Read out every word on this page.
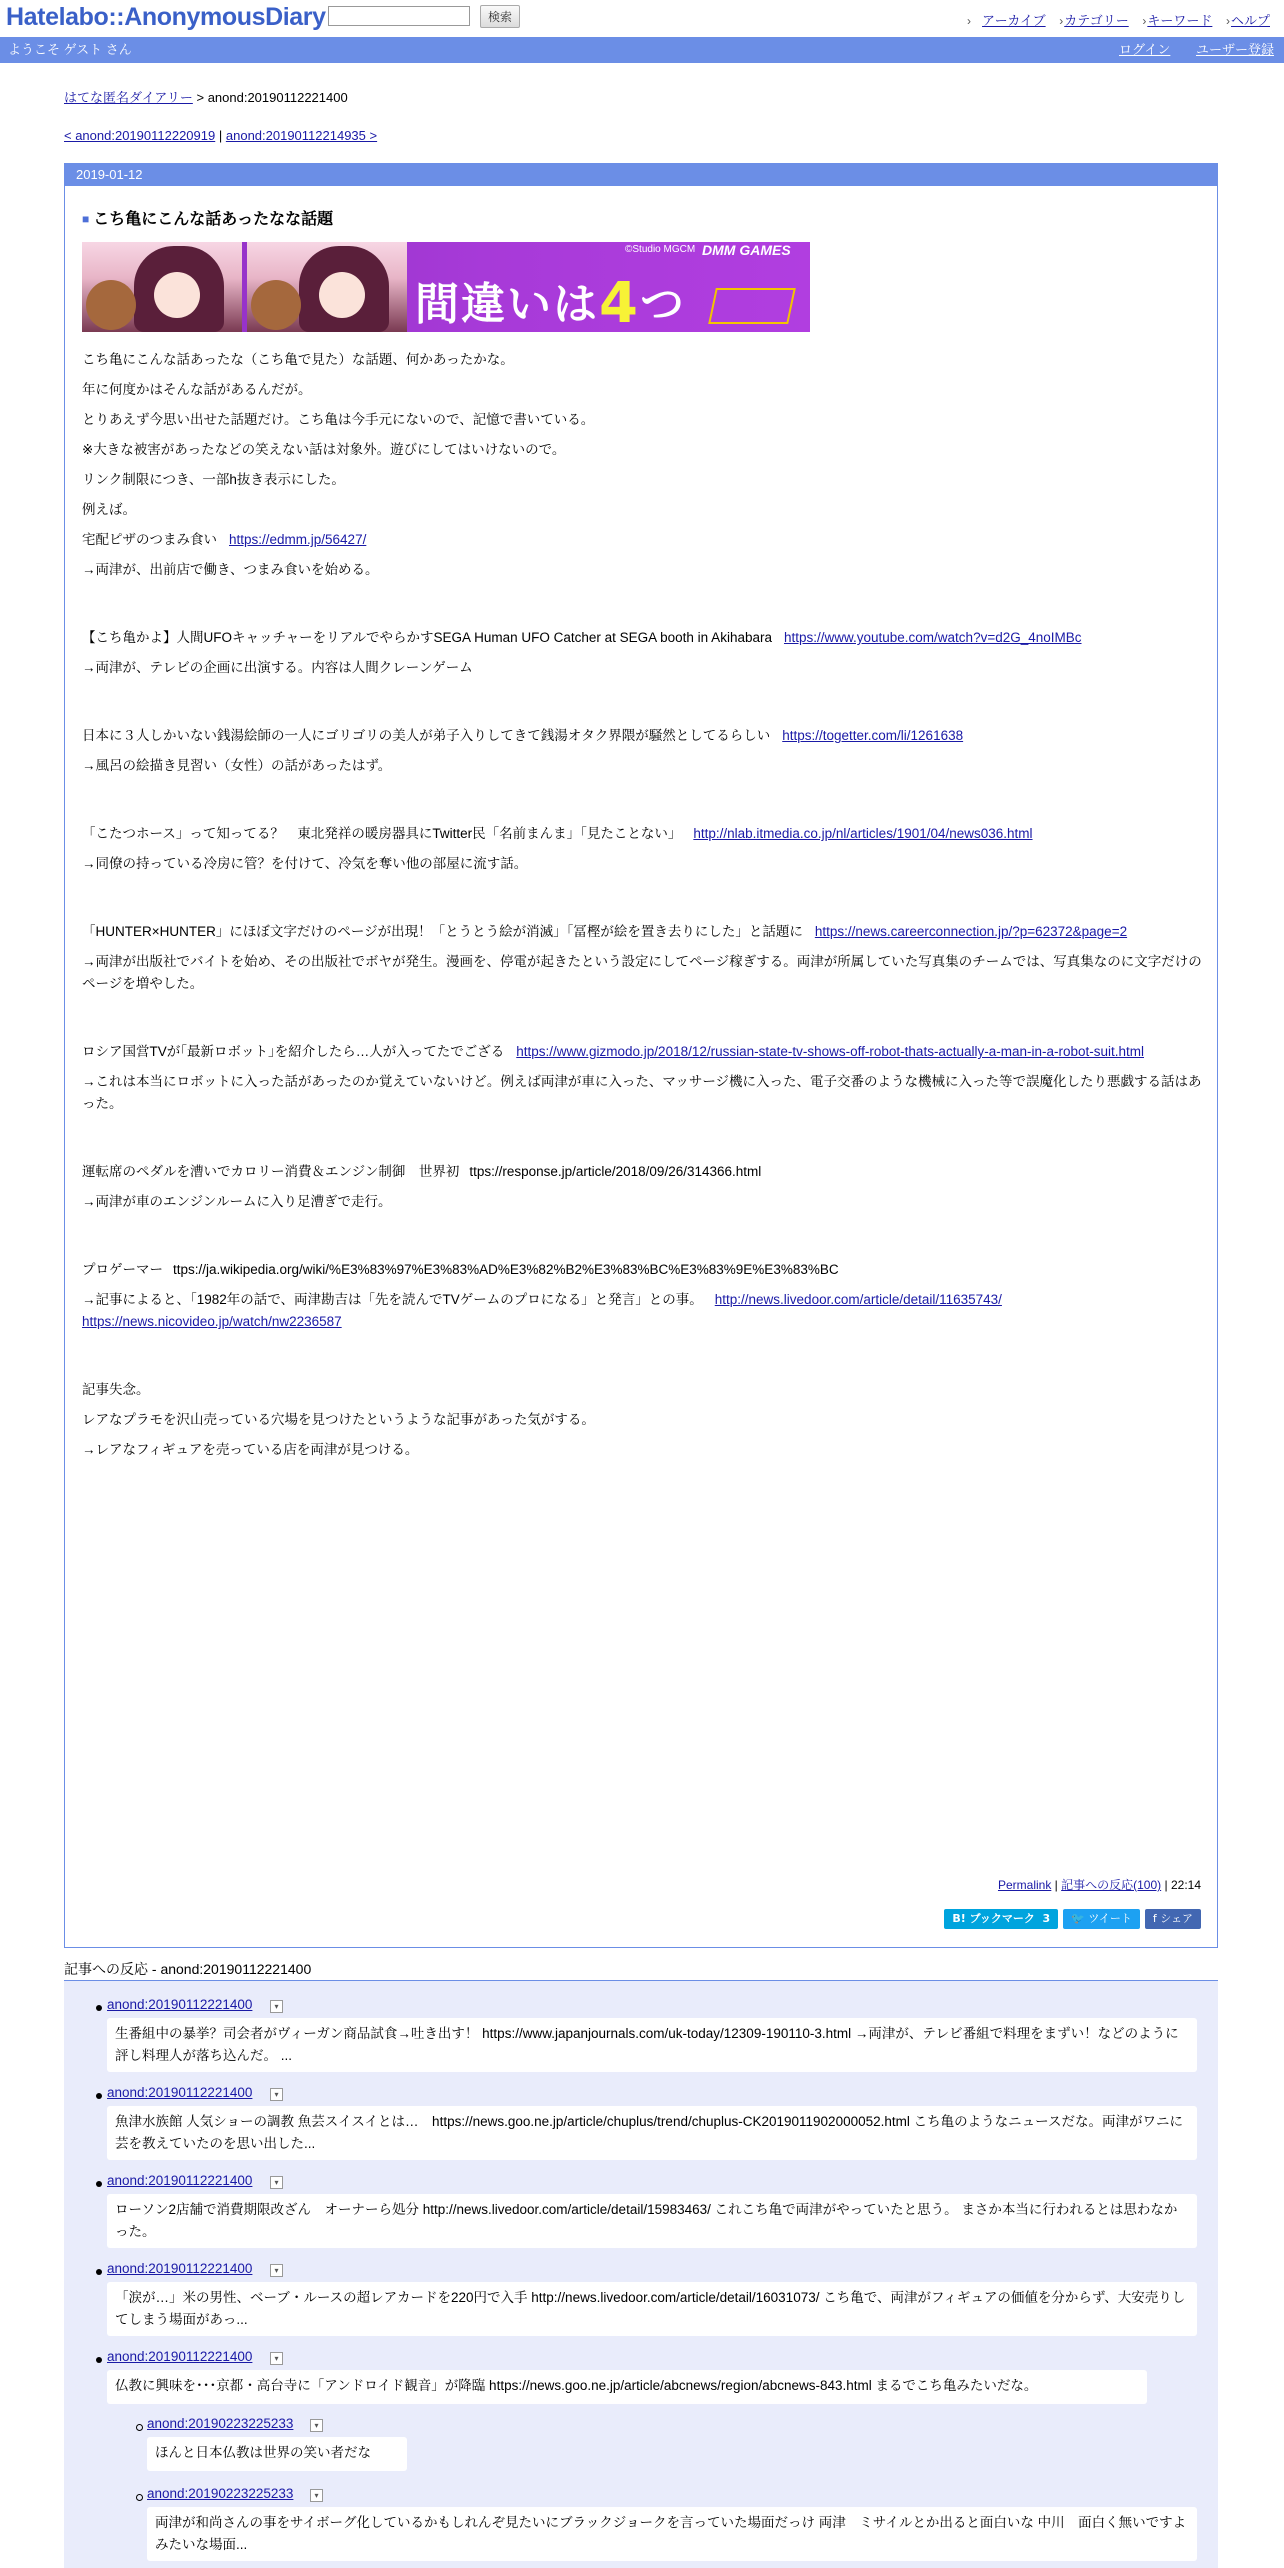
Hatelabo::AnonymousDiary	検索	› アーカイブ ›カテゴリー ›キーワード ›ヘルプ
ようこそ ゲスト さん	ログイン ユーザー登録
はてな匿名ダイアリー > anond:20190112221400
< anond:20190112220919 | anond:20190112214935 >
2019-01-12
■ こち亀にこんな話あったなな話題
間違いは4つ
©Studio MGCM DMM GAMES

こち亀にこんな話あったな（こち亀で見た）な話題、何かあったかな。

年に何度かはそんな話があるんだが。

とりあえず今思い出せた話題だけ。こち亀は今手元にないので、記憶で書いている。

※大きな被害があったなどの笑えない話は対象外。遊びにしてはいけないので。

リンク制限につき、一部h抜き表示にした。

例えば。

宅配ピザのつまみ食い https://edmm.jp/56427/

→両津が、出前店で働き、つまみ食いを始める。

【こち亀かよ】人間UFOキャッチャーをリアルでやらかすSEGA Human UFO Catcher at SEGA booth in Akihabara https://www.youtube.com/watch?v=d2G_4noIMBc

→両津が、テレビの企画に出演する。内容は人間クレーンゲーム

日本に３人しかいない銭湯絵師の一人にゴリゴリの美人が弟子入りしてきて銭湯オタク界隈が騒然としてるらしい https://togetter.com/li/1261638

→風呂の絵描き見習い（女性）の話があったはず。

「こたつホース」って知ってる？　東北発祥の暖房器具にTwitter民「名前まんま」「見たことない」 http://nlab.itmedia.co.jp/nl/articles/1901/04/news036.html

→同僚の持っている冷房に管？を付けて、冷気を奪い他の部屋に流す話。

「HUNTER×HUNTER」にほぼ文字だけのページが出現！「とうとう絵が消滅」「冨樫が絵を置き去りにした」と話題に https://news.careerconnection.jp/?p=62372&page=2

→両津が出版社でバイトを始め、その出版社でボヤが発生。漫画を、停電が起きたという設定にしてページ稼ぎする。両津が所属していた写真集のチームでは、写真集なのに文字だけのページを増やした。

ロシア国営TVが｢最新ロボット｣を紹介したら…人が入ってたでござる https://www.gizmodo.jp/2018/12/russian-state-tv-shows-off-robot-thats-actually-a-man-in-a-robot-suit.html

→これは本当にロボットに入った話があったのか覚えていないけど。例えば両津が車に入った、マッサージ機に入った、電子交番のような機械に入った等で誤魔化したり悪戯する話はあった。

運転席のペダルを漕いでカロリー消費＆エンジン制御　世界初 ttps://response.jp/article/2018/09/26/314366.html

→両津が車のエンジンルームに入り足漕ぎで走行。

プロゲーマー ttps://ja.wikipedia.org/wiki/%E3%83%97%E3%83%AD%E3%82%B2%E3%83%BC%E3%83%9E%E3%83%BC

→記事によると、「1982年の話で、両津勘吉は「先を読んでTVゲームのプロになる」と発言」との事。 http://news.livedoor.com/article/detail/11635743/
https://news.nicovideo.jp/watch/nw2236587

記事失念。

レアなプラモを沢山売っている穴場を見つけたというような記事があった気がする。

→レアなフィギュアを売っている店を両津が見つける。

Permalink | 記事への反応(100) | 22:14
B! ブックマーク 3	🐦 ツイート	f シェア
記事への反応 - anond:20190112221400
anond:20190112221400	▾
生番組中の暴挙？司会者がヴィーガン商品試食→吐き出す！ https://www.japanjournals.com/uk-today/12309-190110-3.html →両津が、テレビ番組で料理をまずい！などのように評し料理人が落ち込んだ。 ...
anond:20190112221400	▾
魚津水族館 人気ショーの調教 魚芸スイスイとは…　https://news.goo.ne.jp/article/chuplus/trend/chuplus-CK2019011902000052.html こち亀のようなニュースだな。両津がワニに芸を教えていたのを思い出した...
anond:20190112221400	▾
ローソン2店舗で消費期限改ざん　オーナーら処分 http://news.livedoor.com/article/detail/15983463/ これこち亀で両津がやっていたと思う。 まさか本当に行われるとは思わなかった。
anond:20190112221400	▾
「涙が…」米の男性、ベーブ・ルースの超レアカードを220円で入手 http://news.livedoor.com/article/detail/16031073/ こち亀で、両津がフィギュアの価値を分からず、大安売りしてしまう場面があっ...
anond:20190112221400	▾
仏教に興味を･･･京都・高台寺に「アンドロイド観音」が降臨 https://news.goo.ne.jp/article/abcnews/region/abcnews-843.html まるでこち亀みたいだな。
anond:20190223225233	▾
ほんと日本仏教は世界の笑い者だな
anond:20190223225233	▾
両津が和尚さんの事をサイボーグ化しているかもしれんぞ見たいにブラックジョークを言っていた場面だっけ 両津　ミサイルとか出ると面白いな 中川　面白く無いですよ みたいな場面...
